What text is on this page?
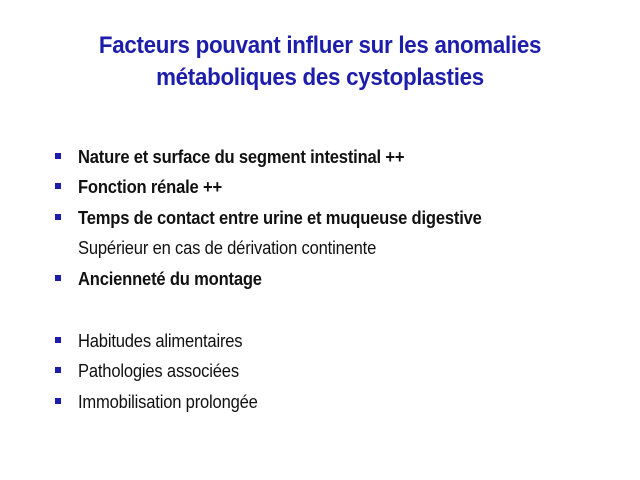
Facteurs pouvant influer sur les anomalies
métaboliques des cystoplasties
Nature et surface du segment intestinal ++
Fonction rénale ++
Temps de contact entre urine et muqueuse digestive
Supérieur en cas de dérivation continente
Ancienneté du montage
Habitudes alimentaires
Pathologies associées
Immobilisation prolongée
